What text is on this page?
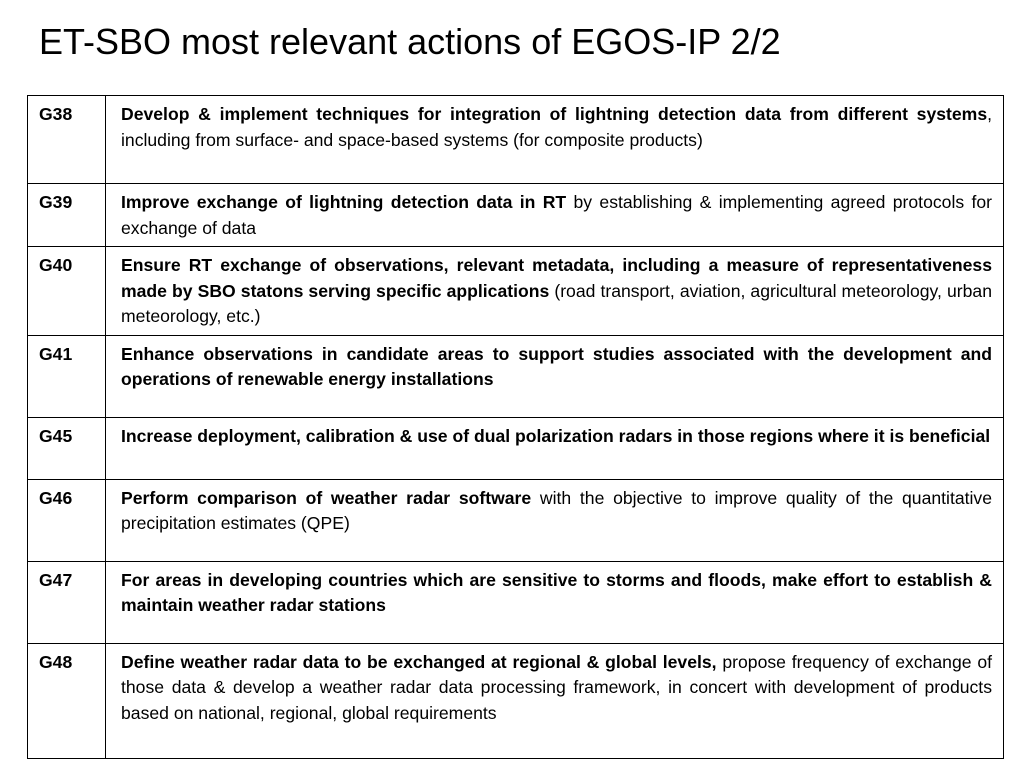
ET-SBO most relevant actions of EGOS-IP 2/2
G38	Develop & implement techniques for integration of lightning detection data from different systems, including from surface- and space-based systems (for composite products)
G39	Improve exchange of lightning detection data in RT by establishing & implementing agreed protocols for exchange of data
G40	Ensure RT exchange of observations, relevant metadata, including a measure of representativeness made by SBO statons serving specific applications (road transport, aviation, agricultural meteorology, urban meteorology, etc.)
G41	Enhance observations in candidate areas to support studies associated with the development and operations of renewable energy installations
G45	Increase deployment, calibration & use of dual polarization radars in those regions where it is beneficial
G46	Perform comparison of weather radar software with the objective to improve quality of the quantitative precipitation estimates (QPE)
G47	For areas in developing countries which are sensitive to storms and floods, make effort to establish & maintain weather radar stations
G48	Define weather radar data to be exchanged at regional & global levels, propose frequency of exchange of those data & develop a weather radar data processing framework, in concert with development of products based on national, regional, global requirements
